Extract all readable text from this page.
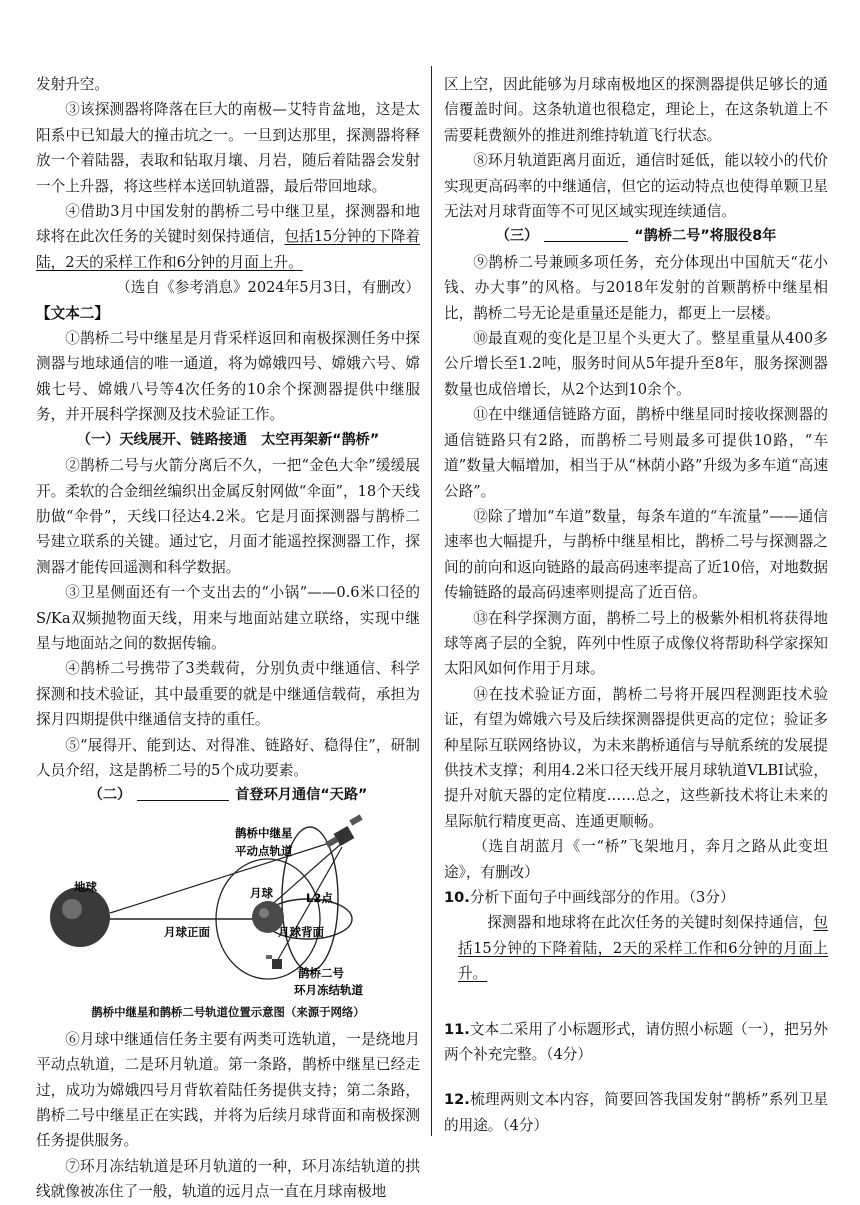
发射升空。

③该探测器将降落在巨大的南极—艾特肯盆地，这是太阳系中已知最大的撞击坑之一。一旦到达那里，探测器将释放一个着陆器，表取和钻取月壤、月岩，随后着陆器会发射一个上升器，将这些样本送回轨道器，最后带回地球。

④借助3月中国发射的鹊桥二号中继卫星，探测器和地球将在此次任务的关键时刻保持通信，包括15分钟的下降着陆，2天的采样工作和6分钟的月面上升。

（选自《参考消息》2024年5月3日，有删改）

【文本二】

①鹊桥二号中继星是月背采样返回和南极探测任务中探测器与地球通信的唯一通道，将为嫦娥四号、嫦娥六号、嫦娥七号、嫦娥八号等4次任务的10余个探测器提供中继服务，并开展科学探测及技术验证工作。

（一）天线展开、链路接通　太空再架新“鹊桥”

②鹊桥二号与火箭分离后不久，一把“金色大伞”缓缓展开。柔软的合金细丝编织出金属反射网做“伞面”，18个天线肋做“伞骨”，天线口径达4.2米。它是月面探测器与鹊桥二号建立联系的关键。通过它，月面才能遥控探测器工作，探测器才能传回遥测和科学数据。

③卫星侧面还有一个支出去的“小锅”——0.6米口径的S/Ka双频抛物面天线，用来与地面站建立联络，实现中继星与地面站之间的数据传输。

④鹊桥二号携带了3类载荷，分别负责中继通信、科学探测和技术验证，其中最重要的就是中继通信载荷，承担为探月四期提供中继通信支持的重任。

⑤“展得开、能到达、对得准、链路好、稳得住”，研制人员介绍，这是鹊桥二号的5个成功要素。

（二）	首登环月通信“天路”

鹊桥中继星
平动点轨道
地球	月球	L2点
月球正面	月球背面
鹊桥二号
环月冻结轨道

鹊桥中继星和鹊桥二号轨道位置示意图（来源于网络）

⑥月球中继通信任务主要有两类可选轨道，一是绕地月平动点轨道，二是环月轨道。第一条路，鹊桥中继星已经走过，成功为嫦娥四号月背软着陆任务提供支持；第二条路，鹊桥二号中继星正在实践，并将为后续月球背面和南极探测任务提供服务。

⑦环月冻结轨道是环月轨道的一种，环月冻结轨道的拱线就像被冻住了一般，轨道的远月点一直在月球南极地

区上空，因此能够为月球南极地区的探测器提供足够长的通信覆盖时间。这条轨道也很稳定，理论上，在这条轨道上不需要耗费额外的推进剂维持轨道飞行状态。

⑧环月轨道距离月面近，通信时延低，能以较小的代价实现更高码率的中继通信，但它的运动特点也使得单颗卫星无法对月球背面等不可见区域实现连续通信。

（三）	“鹊桥二号”将服役8年

⑨鹊桥二号兼顾多项任务，充分体现出中国航天“花小钱、办大事”的风格。与2018年发射的首颗鹊桥中继星相比，鹊桥二号无论是重量还是能力，都更上一层楼。

⑩最直观的变化是卫星个头更大了。整星重量从400多公斤增长至1.2吨，服务时间从5年提升至8年，服务探测器数量也成倍增长，从2个达到10余个。

⑪在中继通信链路方面，鹊桥中继星同时接收探测器的通信链路只有2路，而鹊桥二号则最多可提供10路，“车道”数量大幅增加，相当于从“林荫小路”升级为多车道“高速公路”。

⑫除了增加“车道”数量，每条车道的“车流量”——通信速率也大幅提升，与鹊桥中继星相比，鹊桥二号与探测器之间的前向和返向链路的最高码速率提高了近10倍，对地数据传输链路的最高码速率则提高了近百倍。

⑬在科学探测方面，鹊桥二号上的极紫外相机将获得地球等离子层的全貌，阵列中性原子成像仪将帮助科学家探知太阳风如何作用于月球。

⑭在技术验证方面，鹊桥二号将开展四程测距技术验证，有望为嫦娥六号及后续探测器提供更高的定位；验证多种星际互联网络协议，为未来鹊桥通信与导航系统的发展提供技术支撑；利用4.2米口径天线开展月球轨道VLBI试验，提升对航天器的定位精度……总之，这些新技术将让未来的星际航行精度更高、连通更顺畅。

（选自胡蓝月《一“桥”飞架地月，奔月之路从此变坦途》，有删改）

10.分析下面句子中画线部分的作用。（3分）

探测器和地球将在此次任务的关键时刻保持通信，包括15分钟的下降着陆，2天的采样工作和6分钟的月面上升。

11.文本二采用了小标题形式，请仿照小标题（一），把另外两个补充完整。（4分）

12.梳理两则文本内容，简要回答我国发射“鹊桥”系列卫星的用途。（4分）
